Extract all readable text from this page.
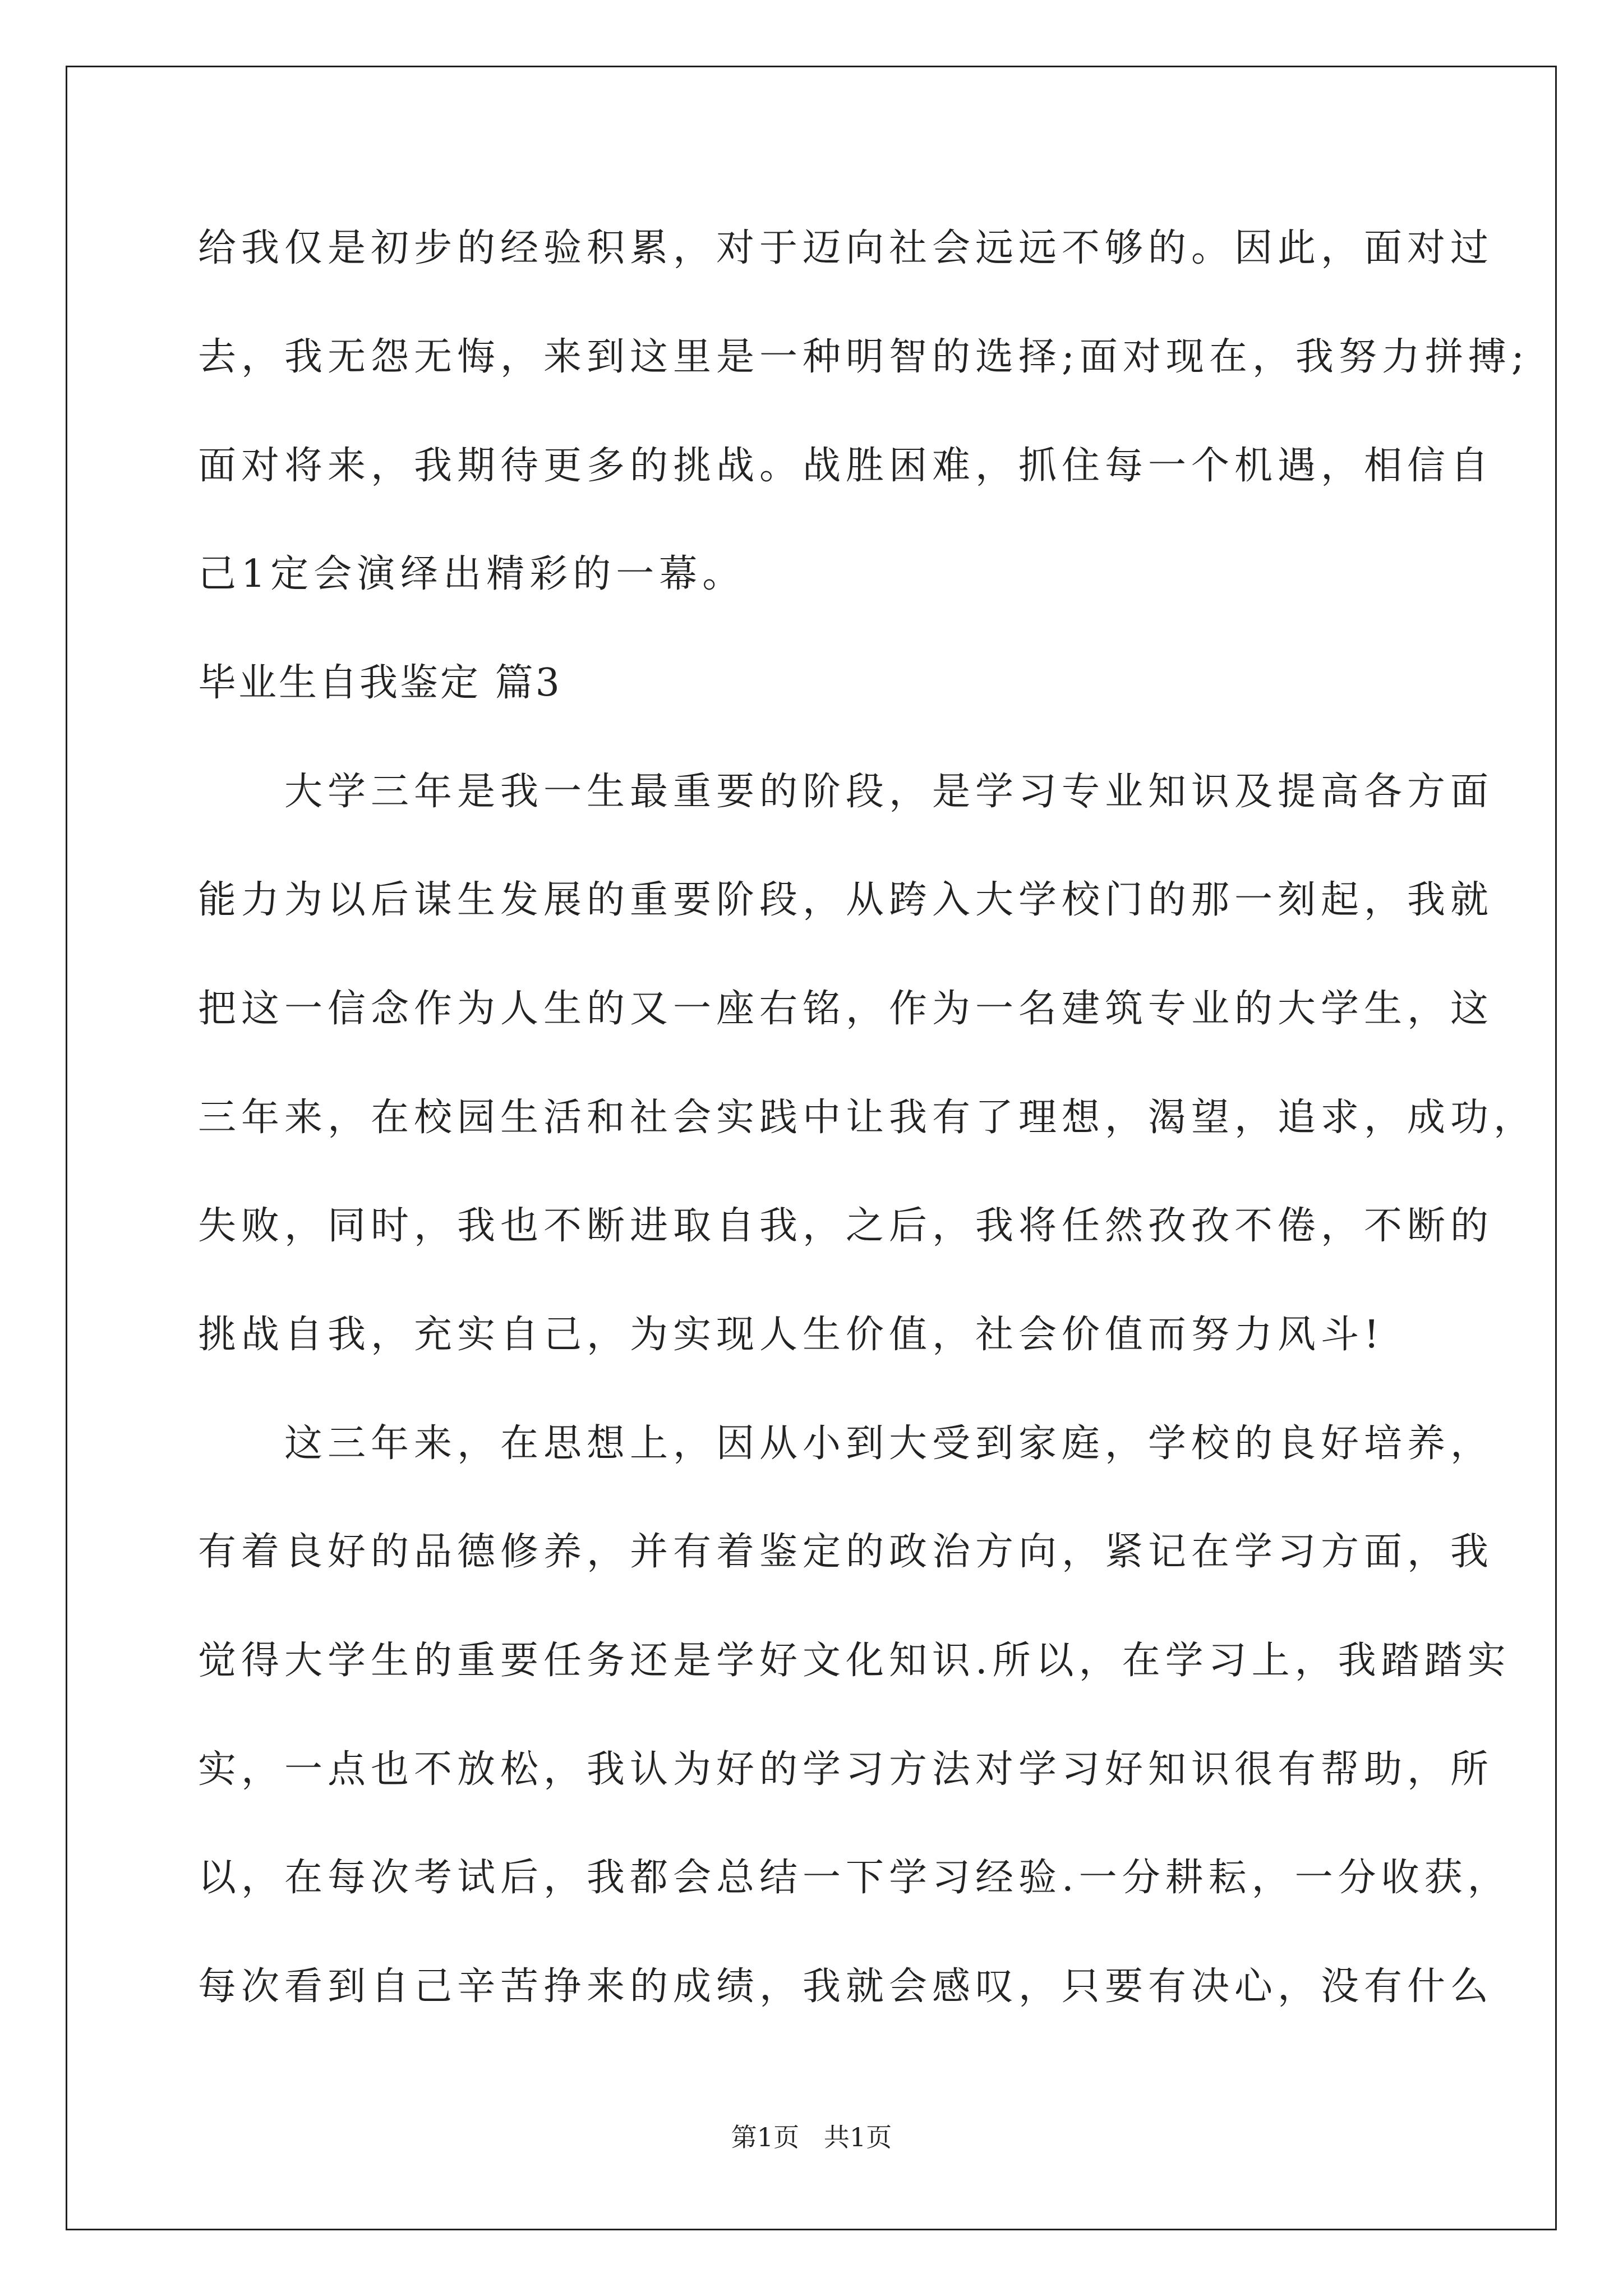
给我仅是初步的经验积累，对于迈向社会远远不够的。因此，面对过
去，我无怨无悔，来到这里是一种明智的选择;面对现在，我努力拼搏;
面对将来，我期待更多的挑战。战胜困难，抓住每一个机遇，相信自
己1定会演绎出精彩的一幕。
毕业生自我鉴定 篇3
　　大学三年是我一生最重要的阶段，是学习专业知识及提高各方面
能力为以后谋生发展的重要阶段，从跨入大学校门的那一刻起，我就
把这一信念作为人生的又一座右铭，作为一名建筑专业的大学生，这
三年来，在校园生活和社会实践中让我有了理想，渴望，追求，成功，
失败，同时，我也不断进取自我，之后，我将任然孜孜不倦，不断的
挑战自我，充实自己，为实现人生价值，社会价值而努力风斗!
　　这三年来，在思想上，因从小到大受到家庭，学校的良好培养，
有着良好的品德修养，并有着鉴定的政治方向，紧记在学习方面，我
觉得大学生的重要任务还是学好文化知识.所以，在学习上，我踏踏实
实，一点也不放松，我认为好的学习方法对学习好知识很有帮助，所
以，在每次考试后，我都会总结一下学习经验.一分耕耘，一分收获，
每次看到自己辛苦挣来的成绩，我就会感叹，只要有决心，没有什么
第1页   共1页
